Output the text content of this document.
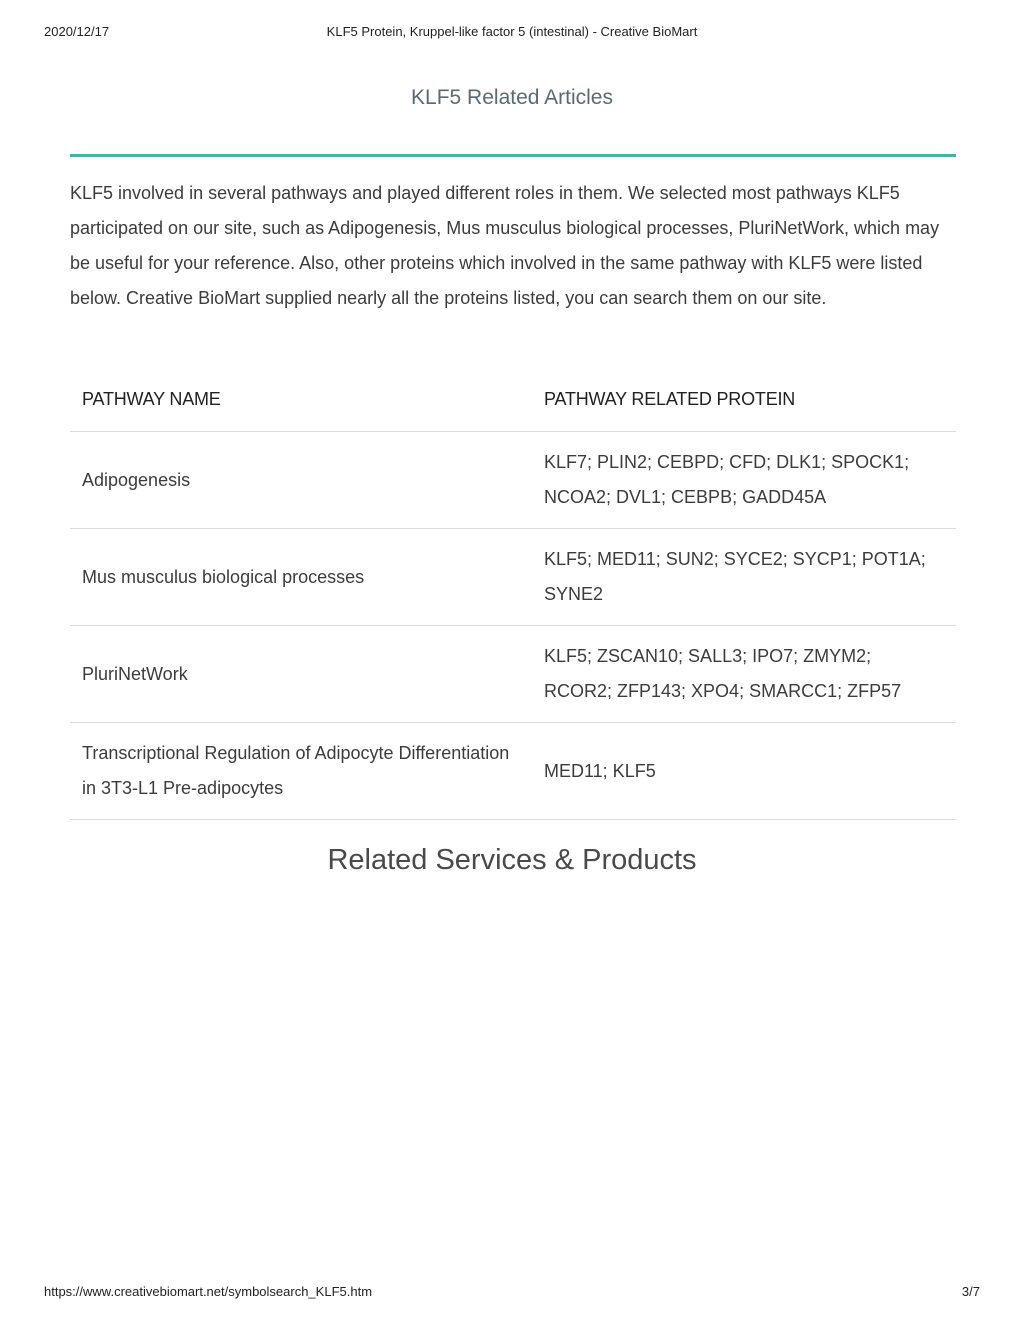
2020/12/17	KLF5 Protein, Kruppel-like factor 5 (intestinal) - Creative BioMart
KLF5 Related Articles

KLF5 involved in several pathways and played different roles in them. We selected most pathways KLF5 participated on our site, such as Adipogenesis, Mus musculus biological processes, PluriNetWork, which may be useful for your reference. Also, other proteins which involved in the same pathway with KLF5 were listed below. Creative BioMart supplied nearly all the proteins listed, you can search them on our site.

PATHWAY NAME	PATHWAY RELATED PROTEIN
Adipogenesis	KLF7; PLIN2; CEBPD; CFD; DLK1; SPOCK1; NCOA2; DVL1; CEBPB; GADD45A
Mus musculus biological processes	KLF5; MED11; SUN2; SYCE2; SYCP1; POT1A; SYNE2
PluriNetWork	KLF5; ZSCAN10; SALL3; IPO7; ZMYM2; RCOR2; ZFP143; XPO4; SMARCC1; ZFP57
Transcriptional Regulation of Adipocyte Differentiation in 3T3-L1 Pre-adipocytes	MED11; KLF5
Related Services & Products
https://www.creativebiomart.net/symbolsearch_KLF5.htm	3/7
